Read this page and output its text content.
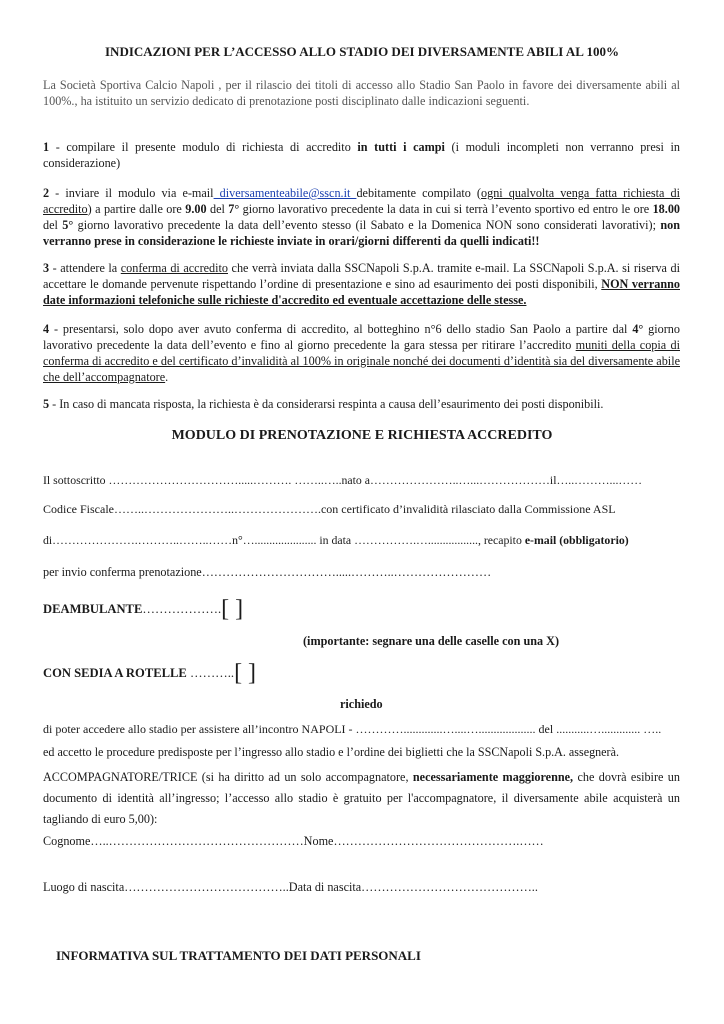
INDICAZIONI PER L’ACCESSO ALLO STADIO DEI DIVERSAMENTE ABILI AL 100%
La Società Sportiva Calcio Napoli , per il rilascio dei titoli di accesso allo Stadio San Paolo in favore dei diversamente abili al 100%., ha istituito un servizio dedicato di prenotazione posti disciplinato dalle indicazioni seguenti.
1 - compilare il presente modulo di richiesta di accredito in tutti i campi (i moduli incompleti non verranno presi in considerazione)
2 - inviare il modulo via e-mail diversamenteabile@sscn.it debitamente compilato (ogni qualvolta venga fatta richiesta di accredito) a partire dalle ore 9.00 del 7° giorno lavorativo precedente la data in cui si terrà l’evento sportivo ed entro le ore 18.00 del 5° giorno lavorativo precedente la data dell’evento stesso (il Sabato e la Domenica NON sono considerati lavorativi); non verranno prese in considerazione le richieste inviate in orari/giorni differenti da quelli indicati!!
3 - attendere la conferma di accredito che verrà inviata dalla SSCNapoli S.p.A. tramite e-mail. La SSCNapoli S.p.A. si riserva di accettare le domande pervenute rispettando l’ordine di presentazione e sino ad esaurimento dei posti disponibili, NON verranno date informazioni telefoniche sulle richieste d'accredito ed eventuale accettazione delle stesse.
4 - presentarsi, solo dopo aver avuto conferma di accredito, al botteghino n°6 dello stadio San Paolo a partire dal 4° giorno lavorativo precedente la data dell’evento e fino al giorno precedente la gara stessa per ritirare l’accredito muniti della copia di conferma di accredito e del certificato d’invalidità al 100% in originale nonché dei documenti d’identità sia del diversamente abile che dell’accompagnatore.
5 - In caso di mancata risposta, la richiesta è da considerarsi respinta a causa dell’esaurimento dei posti disponibili.
MODULO DI PRENOTAZIONE E RICHIESTA ACCREDITO
Il sottoscritto …………………………….....………. ……..…..nato a…………………..…...………………il…..………...……
Codice Fiscale……..…………………..………………….con certificato d’invalidità rilasciato dalla Commissione ASL
di………………….………..……..……n°…..................... in data …………….…................., recapito e-mail (obbligatorio)
per invio conferma prenotazione…………………………….....………..……………………
DEAMBULANTE……………….[ ]
(importante: segnare una delle caselle con una X)
CON SEDIA A ROTELLE ………..[ ]
richiedo
di poter accedere allo stadio per assistere all’incontro NAPOLI - ………….............…....…................... del ...........…............. …..
ed accetto le procedure predisposte per l’ingresso allo stadio e l’ordine dei biglietti che la SSCNapoli S.p.A. assegnerà.
ACCOMPAGNATORE/TRICE (si ha diritto ad un solo accompagnatore, necessariamente maggiorenne, che dovrà esibire un documento di identità all’ingresso; l’accesso allo stadio è gratuito per l'accompagnatore, il diversamente abile acquisterà un tagliando di euro 5,00):
Cognome…..…………………………………………Nome……………………………………….……
Luogo di nascita…………………………………..Data di nascita……………………………………..
INFORMATIVA SUL TRATTAMENTO DEI DATI PERSONALI
